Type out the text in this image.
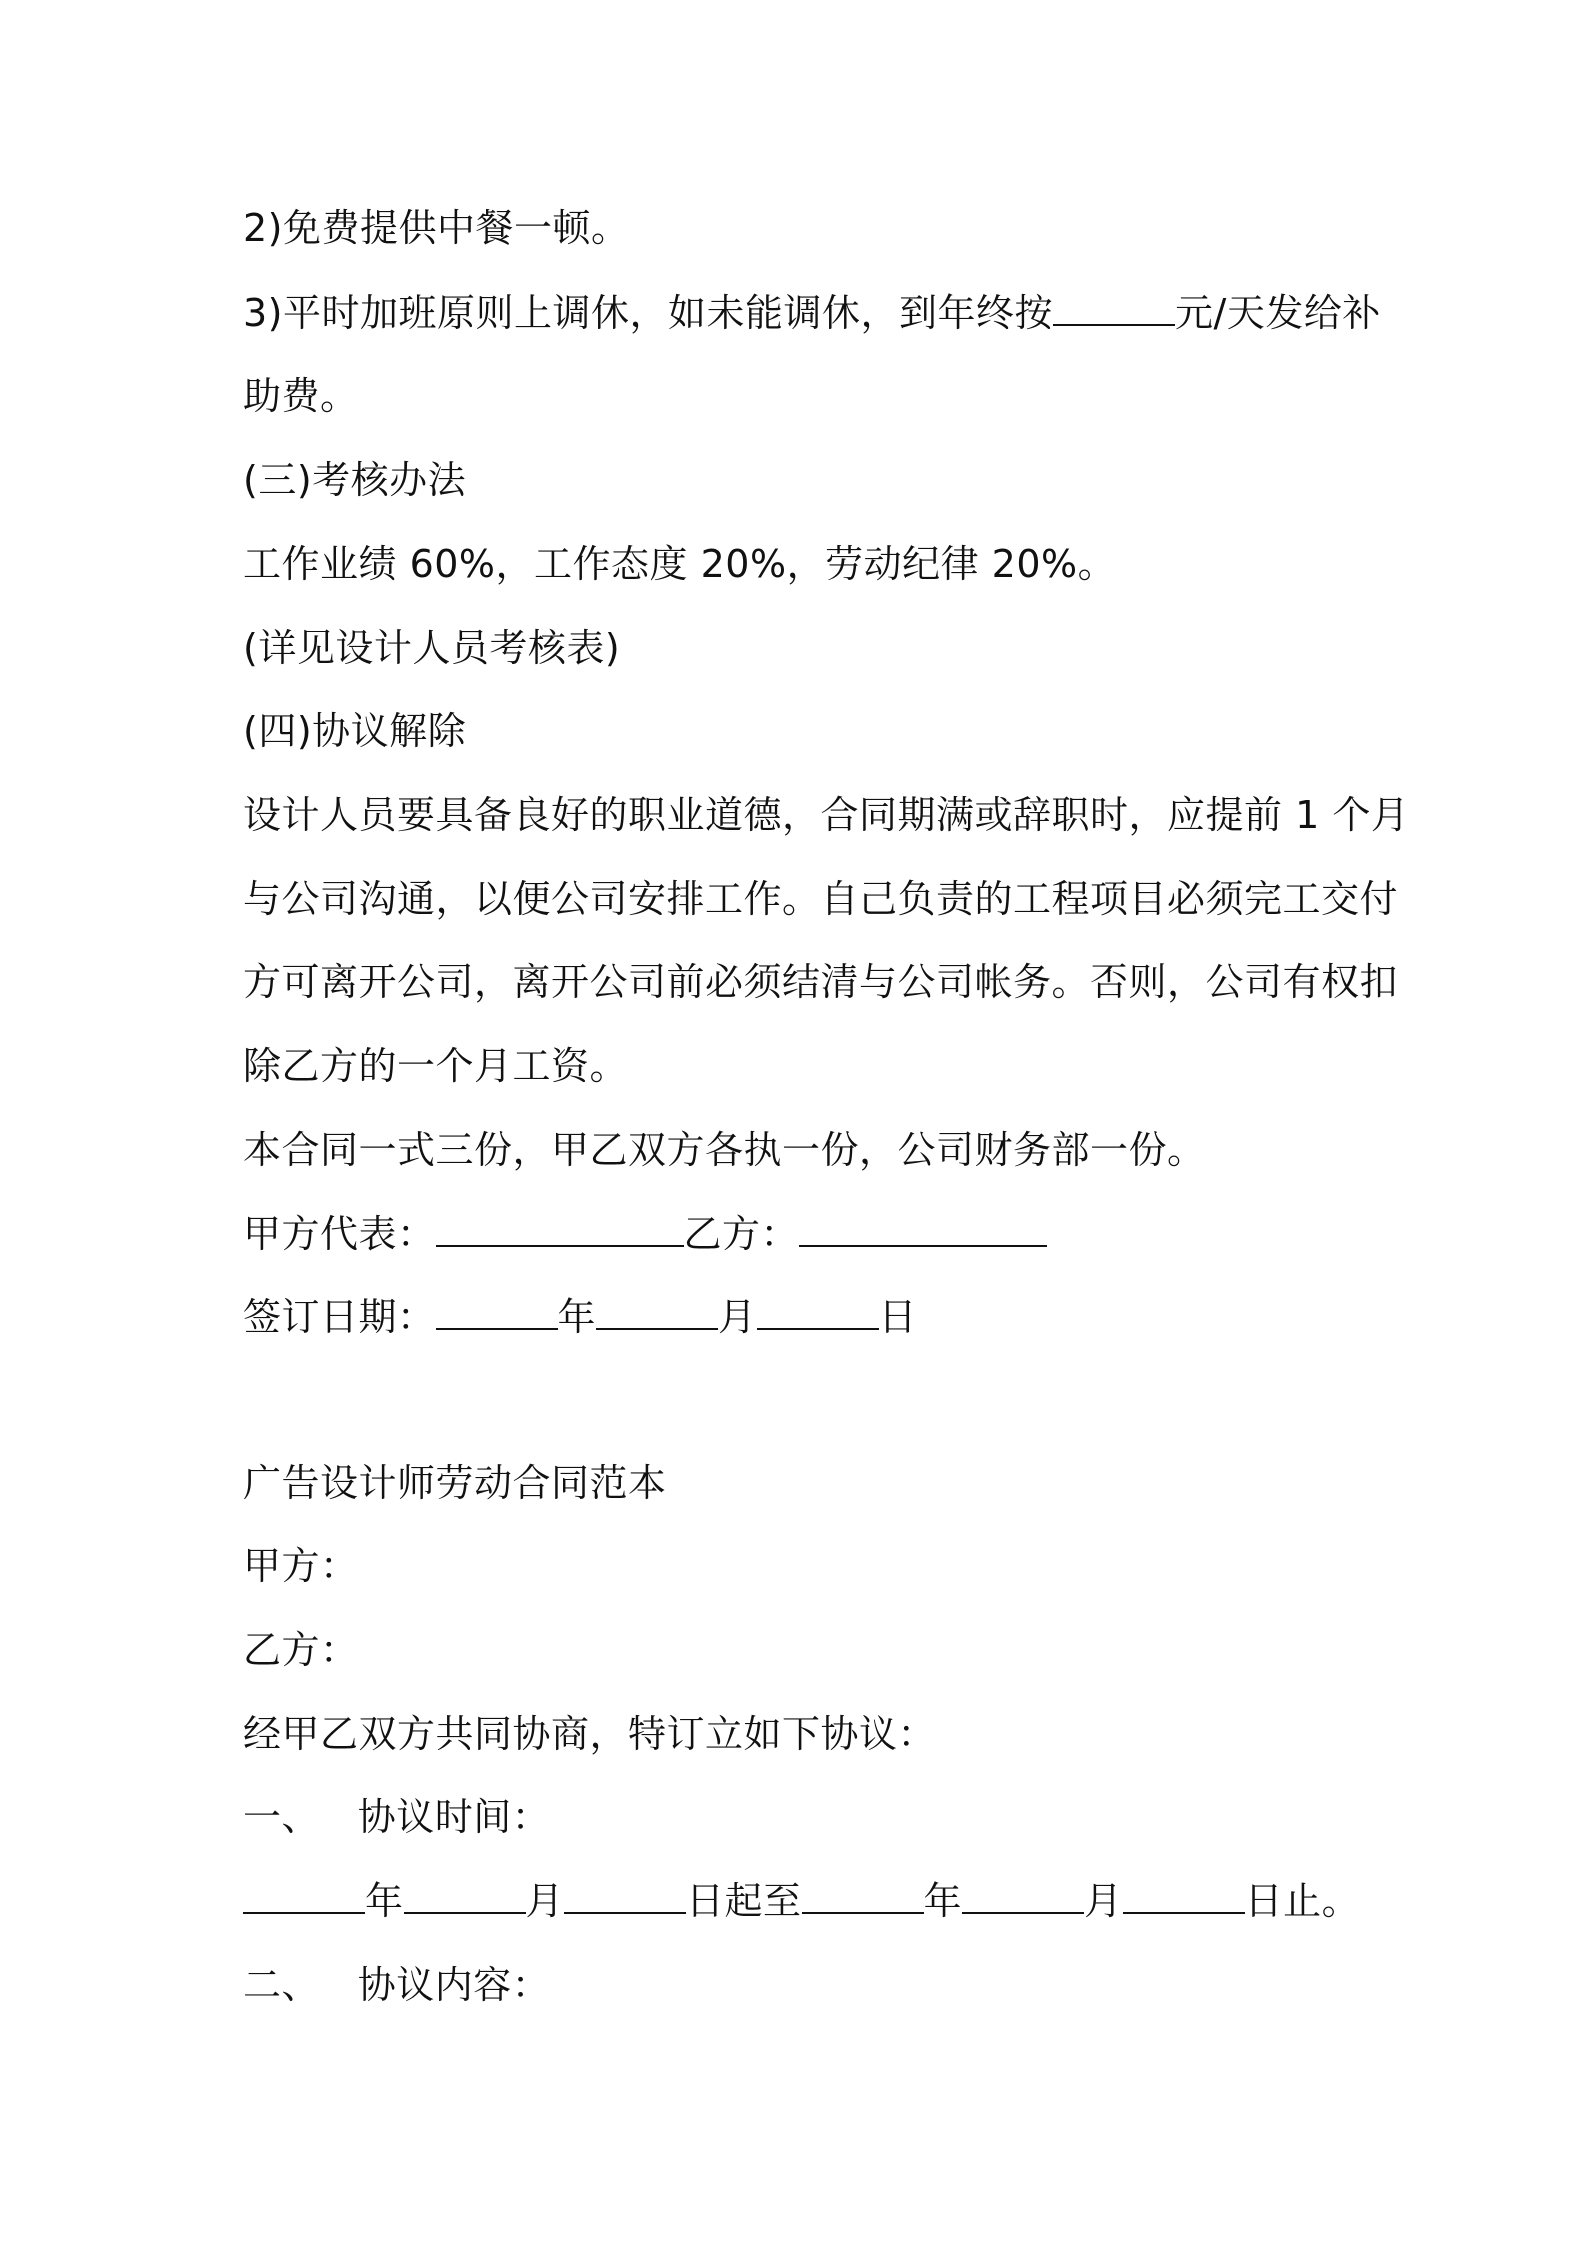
2)免费提供中餐一顿。
3)平时加班原则上调休，如未能调休，到年终按	元/天发给补
助费。
(三)考核办法
工作业绩 60%，工作态度 20%，劳动纪律 20%。
(详见设计人员考核表)
(四)协议解除
设计人员要具备良好的职业道德，合同期满或辞职时，应提前 1 个月
与公司沟通，以便公司安排工作。自己负责的工程项目必须完工交付
方可离开公司，离开公司前必须结清与公司帐务。否则，公司有权扣
除乙方的一个月工资。
本合同一式三份，甲乙双方各执一份，公司财务部一份。
甲方代表：	乙方：
签订日期：	年	月	日
广告设计师劳动合同范本
甲方：
乙方：
经甲乙双方共同协商，特订立如下协议：
一、 协议时间：
年	月	日起至	年	月	日止。
二、 协议内容：
